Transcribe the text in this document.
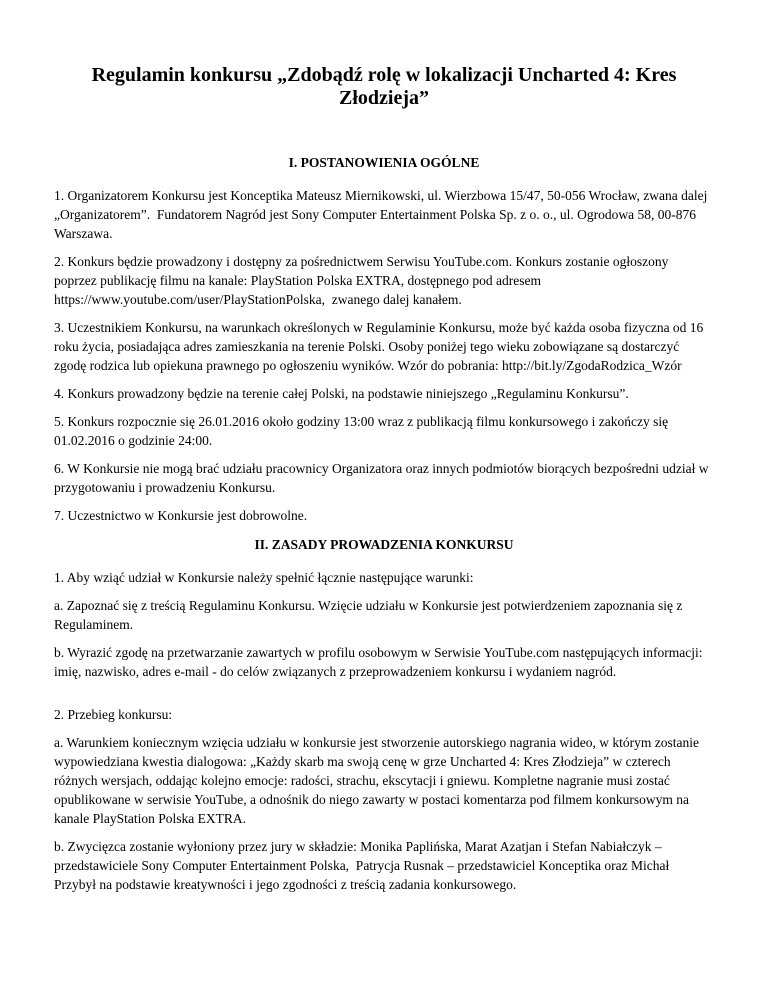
Regulamin konkursu „Zdobądź rolę w lokalizacji Uncharted 4: Kres Złodzieja”
I. POSTANOWIENIA OGÓLNE

1. Organizatorem Konkursu jest Konceptika Mateusz Miernikowski, ul. Wierzbowa 15/47, 50-056 Wrocław, zwana dalej „Organizatorem”.  Fundatorem Nagród jest Sony Computer Entertainment Polska Sp. z o. o., ul. Ogrodowa 58, 00-876 Warszawa.

2. Konkurs będzie prowadzony i dostępny za pośrednictwem Serwisu YouTube.com. Konkurs zostanie ogłoszony poprzez publikację filmu na kanale: PlayStation Polska EXTRA, dostępnego pod adresem https://www.youtube.com/user/PlayStationPolska,  zwanego dalej kanałem.

3. Uczestnikiem Konkursu, na warunkach określonych w Regulaminie Konkursu, może być każda osoba fizyczna od 16 roku życia, posiadająca adres zamieszkania na terenie Polski. Osoby poniżej tego wieku zobowiązane są dostarczyć zgodę rodzica lub opiekuna prawnego po ogłoszeniu wyników. Wzór do pobrania: http://bit.ly/ZgodaRodzica_Wzór

4. Konkurs prowadzony będzie na terenie całej Polski, na podstawie niniejszego „Regulaminu Konkursu”.

5. Konkurs rozpocznie się 26.01.2016 około godziny 13:00 wraz z publikacją filmu konkursowego i zakończy się 01.02.2016 o godzinie 24:00.

6. W Konkursie nie mogą brać udziału pracownicy Organizatora oraz innych podmiotów biorących bezpośredni udział w przygotowaniu i prowadzeniu Konkursu.

7. Uczestnictwo w Konkursie jest dobrowolne.

II. ZASADY PROWADZENIA KONKURSU

1. Aby wziąć udział w Konkursie należy spełnić łącznie następujące warunki:

a. Zapoznać się z treścią Regulaminu Konkursu. Wzięcie udziału w Konkursie jest potwierdzeniem zapoznania się z Regulaminem.

b. Wyrazić zgodę na przetwarzanie zawartych w profilu osobowym w Serwisie YouTube.com następujących informacji: imię, nazwisko, adres e-mail - do celów związanych z przeprowadzeniem konkursu i wydaniem nagród.

2. Przebieg konkursu:

a. Warunkiem koniecznym wzięcia udziału w konkursie jest stworzenie autorskiego nagrania wideo, w którym zostanie wypowiedziana kwestia dialogowa: „Każdy skarb ma swoją cenę w grze Uncharted 4: Kres Złodzieja” w czterech różnych wersjach, oddając kolejno emocje: radości, strachu, ekscytacji i gniewu. Kompletne nagranie musi zostać opublikowane w serwisie YouTube, a odnośnik do niego zawarty w postaci komentarza pod filmem konkursowym na kanale PlayStation Polska EXTRA.

b. Zwycięzca zostanie wyłoniony przez jury w składzie: Monika Paplińska, Marat Azatjan i Stefan Nabiałczyk – przedstawiciele Sony Computer Entertainment Polska,  Patrycja Rusnak – przedstawiciel Konceptika oraz Michał Przybył na podstawie kreatywności i jego zgodności z treścią zadania konkursowego.
